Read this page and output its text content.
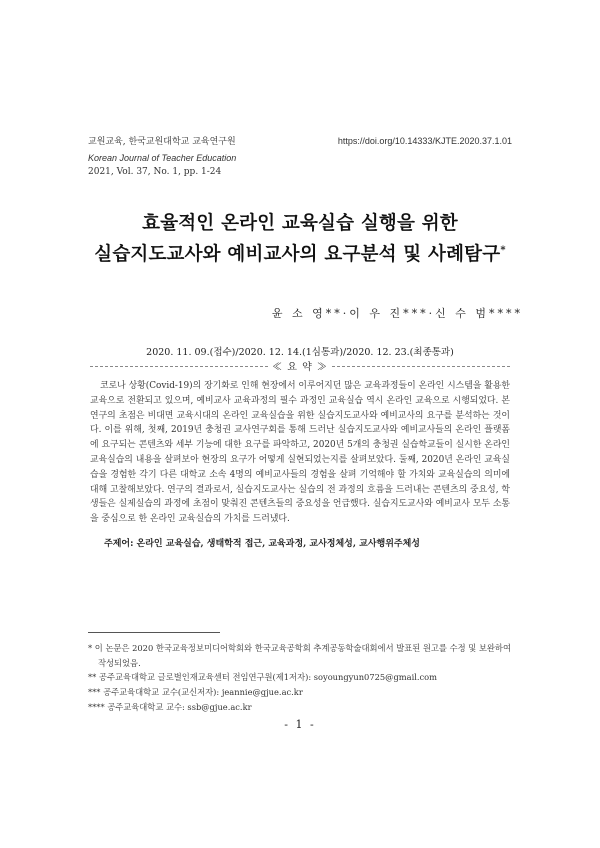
교원교육, 한국교원대학교 교육연구원	https://doi.org/10.14333/KJTE.2020.37.1.01
Korean Journal of Teacher Education
2021, Vol. 37, No. 1, pp. 1-24
효율적인 온라인 교육실습 실행을 위한
실습지도교사와 예비교사의 요구분석 및 사례탐구*
윤 소 영**·이 우 진***·신 수 범****
2020. 11. 09.(접수)/2020. 12. 14.(1심통과)/2020. 12. 23.(최종통과)
≪ 요 약 ≫

코로나 상황(Covid-19)의 장기화로 인해 현장에서 이루어지던 많은 교육과정들이 온라인 시스템을 활용한 교육으로 전환되고 있으며, 예비교사 교육과정의 필수 과정인 교육실습 역시 온라인 교육으로 시행되었다. 본 연구의 초점은 비대면 교육시대의 온라인 교육실습을 위한 실습지도교사와 예비교사의 요구를 분석하는 것이다. 이를 위해, 첫째, 2019년 충청권 교사연구회를 통해 드러난 실습지도교사와 예비교사들의 온라인 플랫폼에 요구되는 콘텐츠와 세부 기능에 대한 요구를 파악하고, 2020년 5개의 충청권 실습학교들이 실시한 온라인 교육실습의 내용을 살펴보아 현장의 요구가 어떻게 실현되었는지를 살펴보았다. 둘째, 2020년 온라인 교육실습을 경험한 각기 다른 대학교 소속 4명의 예비교사들의 경험을 살펴 기억해야 할 가치와 교육실습의 의미에 대해 고찰해보았다. 연구의 결과로서, 실습지도교사는 실습의 전 과정의 흐름을 드러내는 콘텐츠의 중요성, 학생들은 실제실습의 과정에 초점이 맞춰진 콘텐츠들의 중요성을 언급했다. 실습지도교사와 예비교사 모두 소통을 중심으로 한 온라인 교육실습의 가치를 드러냈다.

주제어: 온라인 교육실습, 생태학적 접근, 교육과정, 교사정체성, 교사행위주체성
* 이 논문은 2020 한국교육정보미디어학회와 한국교육공학회 추계공동학술대회에서 발표된 원고를 수정 및 보완하여 작성되었음.
** 공주교육대학교 글로벌인재교육센터 전임연구원(제1저자): soyoungyun0725@gmail.com
*** 공주교육대학교 교수(교신저자): jeannie@gjue.ac.kr
**** 공주교육대학교 교수: ssb@gjue.ac.kr
- 1 -
